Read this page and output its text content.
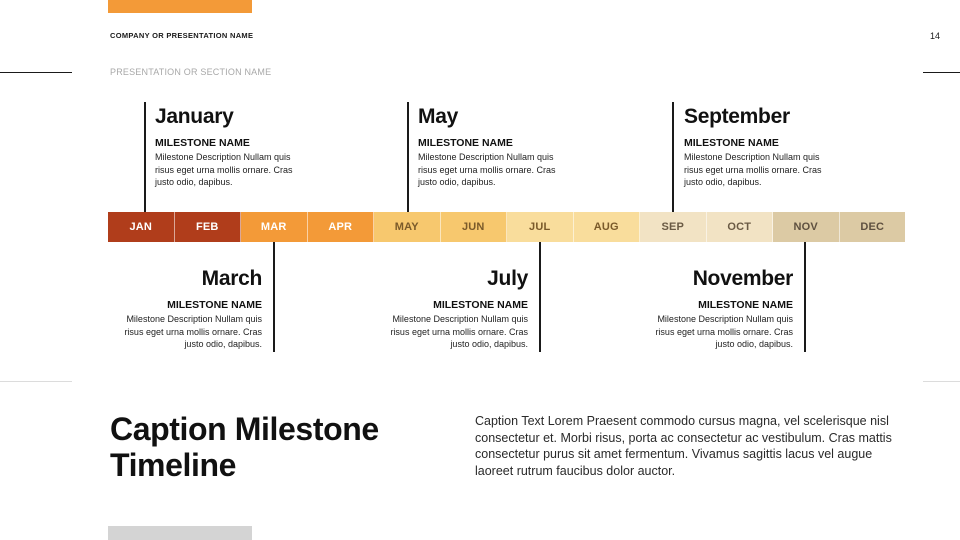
COMPANY OR PRESENTATION NAME	14
PRESENTATION OR SECTION NAME
January
MILESTONE NAME
Milestone Description Nullam quis risus eget urna mollis ornare. Cras justo odio, dapibus.
May
MILESTONE NAME
Milestone Description Nullam quis risus eget urna mollis ornare. Cras justo odio, dapibus.
September
MILESTONE NAME
Milestone Description Nullam quis risus eget urna mollis ornare. Cras justo odio, dapibus.
JAN	FEB	MAR	APR	MAY	JUN	JUL	AUG	SEP	OCT	NOV	DEC
March
MILESTONE NAME
Milestone Description Nullam quis risus eget urna mollis ornare. Cras justo odio, dapibus.
July
MILESTONE NAME
Milestone Description Nullam quis risus eget urna mollis ornare. Cras justo odio, dapibus.
November
MILESTONE NAME
Milestone Description Nullam quis risus eget urna mollis ornare. Cras justo odio, dapibus.
Caption Milestone Timeline
Caption Text Lorem Praesent commodo cursus magna, vel scelerisque nisl consectetur et. Morbi risus, porta ac consectetur ac vestibulum. Cras mattis consectetur purus sit amet fermentum. Vivamus sagittis lacus vel augue laoreet rutrum faucibus dolor auctor.
